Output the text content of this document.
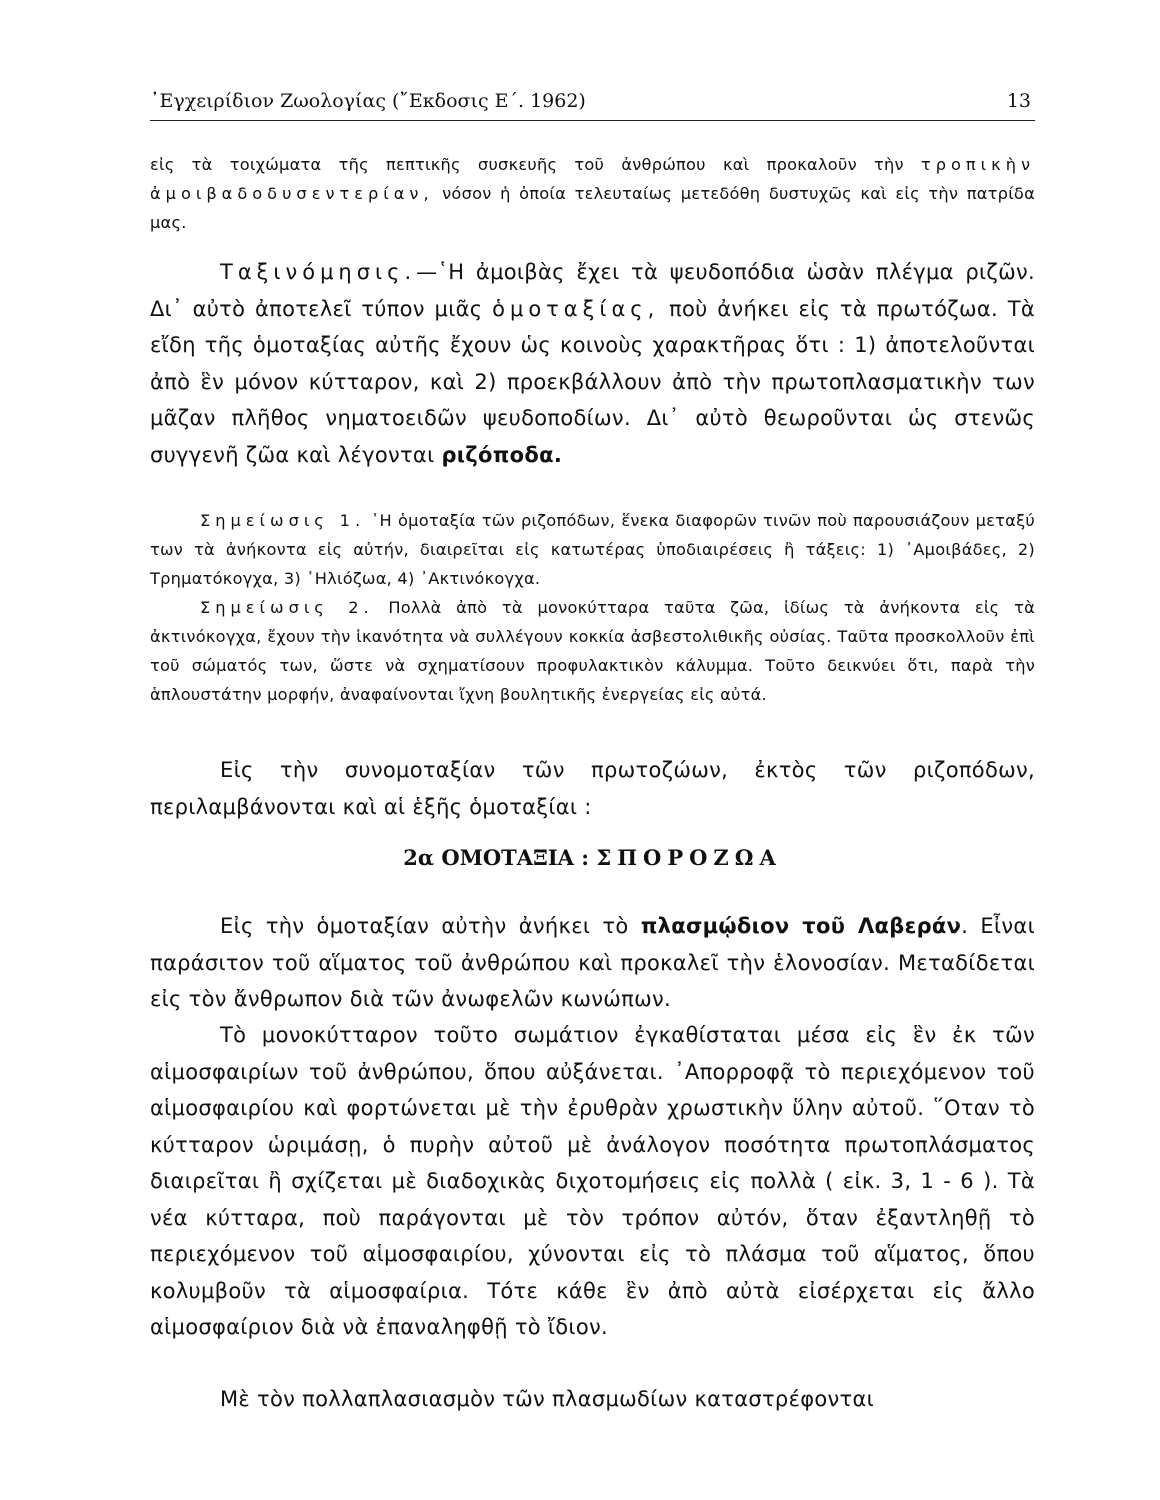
᾿Εγχειρίδιον Ζωολογίας (῎Εκδοσις Ε΄. 1962)	13

εἰς τὰ τοιχώματα τῆς πεπτικῆς συσκευῆς τοῦ ἀνθρώπου καὶ προκαλοῦν τὴν τροπικὴν ἀμοιβαδοδυσεντερίαν, νόσον ἡ ὁποία τελευταίως μετεδόθη δυστυχῶς καὶ εἰς τὴν πατρίδα μας.

Ταξινόμησις.—῾Η ἀμοιβὰς ἔχει τὰ ψευδοπόδια ὡσὰν πλέγμα ριζῶν. Δι᾿ αὐτὸ ἀποτελεῖ τύπον μιᾶς ὁμοταξίας, ποὺ ἀνήκει εἰς τὰ πρωτόζωα. Τὰ εἴδη τῆς ὁμοταξίας αὐτῆς ἔχουν ὡς κοινοὺς χαρακτῆρας ὅτι : 1) ἀποτελοῦνται ἀπὸ ἓν μόνον κύτταρον, καὶ 2) προεκβάλλουν ἀπὸ τὴν πρωτοπλασματικὴν των μᾶζαν πλῆθος νηματοειδῶν ψευδοποδίων. Δι᾿ αὐτὸ θεωροῦνται ὡς στενῶς συγγενῆ ζῶα καὶ λέγονται ριζόποδα.

Σημείωσις 1. ῾Η ὁμοταξία τῶν ριζοπόδων, ἕνεκα διαφορῶν τινῶν ποὺ παρουσιάζουν μεταξύ των τὰ ἀνήκοντα εἰς αὐτήν, διαιρεῖται εἰς κατωτέρας ὑποδιαιρέσεις ἢ τάξεις: 1) ᾿Αμοιβάδες, 2) Τρηματόκογχα, 3) ῾Ηλιόζωα, 4) ᾿Ακτινόκογχα.

Σημείωσις 2. Πολλὰ ἀπὸ τὰ μονοκύτταρα ταῦτα ζῶα, ἰδίως τὰ ἀνήκοντα εἰς τὰ ἀκτινόκογχα, ἔχουν τὴν ἱκανότητα νὰ συλλέγουν κοκκία ἀσβεστολιθικῆς οὐσίας. Ταῦτα προσκολλοῦν ἐπὶ τοῦ σώματός των, ὥστε νὰ σχηματίσουν προφυλακτικὸν κάλυμμα. Τοῦτο δεικνύει ὅτι, παρὰ τὴν ἁπλουστάτην μορφήν, ἀναφαίνονται ἴχνη βουλητικῆς ἐνεργείας εἰς αὐτά.

Εἰς τὴν συνομοταξίαν τῶν πρωτοζώων, ἐκτὸς τῶν ριζοπόδων, περιλαμβάνονται καὶ αἱ ἑξῆς ὁμοταξίαι :

2α ΟΜΟΤΑΞΙΑ : ΣΠΟΡΟΖΩΑ

Εἰς τὴν ὁμοταξίαν αὐτὴν ἀνήκει τὸ πλασμῴδιον τοῦ Λαβεράν. Εἶναι παράσιτον τοῦ αἵματος τοῦ ἀνθρώπου καὶ προκαλεῖ τὴν ἑλονοσίαν. Μεταδίδεται εἰς τὸν ἄνθρωπον διὰ τῶν ἀνωφελῶν κωνώπων.

Τὸ μονοκύτταρον τοῦτο σωμάτιον ἐγκαθίσταται μέσα εἰς ἓν ἐκ τῶν αἱμοσφαιρίων τοῦ ἀνθρώπου, ὅπου αὐξάνεται. ᾿Απορροφᾷ τὸ περιεχόμενον τοῦ αἱμοσφαιρίου καὶ φορτώνεται μὲ τὴν ἐρυθρὰν χρωστικὴν ὕλην αὐτοῦ. ῞Οταν τὸ κύτταρον ὡριμάσῃ, ὁ πυρὴν αὐτοῦ μὲ ἀνάλογον ποσότητα πρωτοπλάσματος διαιρεῖται ἢ σχίζεται μὲ διαδοχικὰς διχοτομήσεις εἰς πολλὰ ( εἰκ. 3, 1 - 6 ). Τὰ νέα κύτταρα, ποὺ παράγονται μὲ τὸν τρόπον αὐτόν, ὅταν ἐξαντληθῇ τὸ περιεχόμενον τοῦ αἱμοσφαιρίου, χύνονται εἰς τὸ πλάσμα τοῦ αἵματος, ὅπου κολυμβοῦν τὰ αἱμοσφαίρια. Τότε κάθε ἓν ἀπὸ αὐτὰ εἰσέρχεται εἰς ἄλλο αἱμοσφαίριον διὰ νὰ ἐπαναληφθῇ τὸ ἴδιον.

Μὲ τὸν πολλαπλασιασμὸν τῶν πλασμωδίων καταστρέφονται
